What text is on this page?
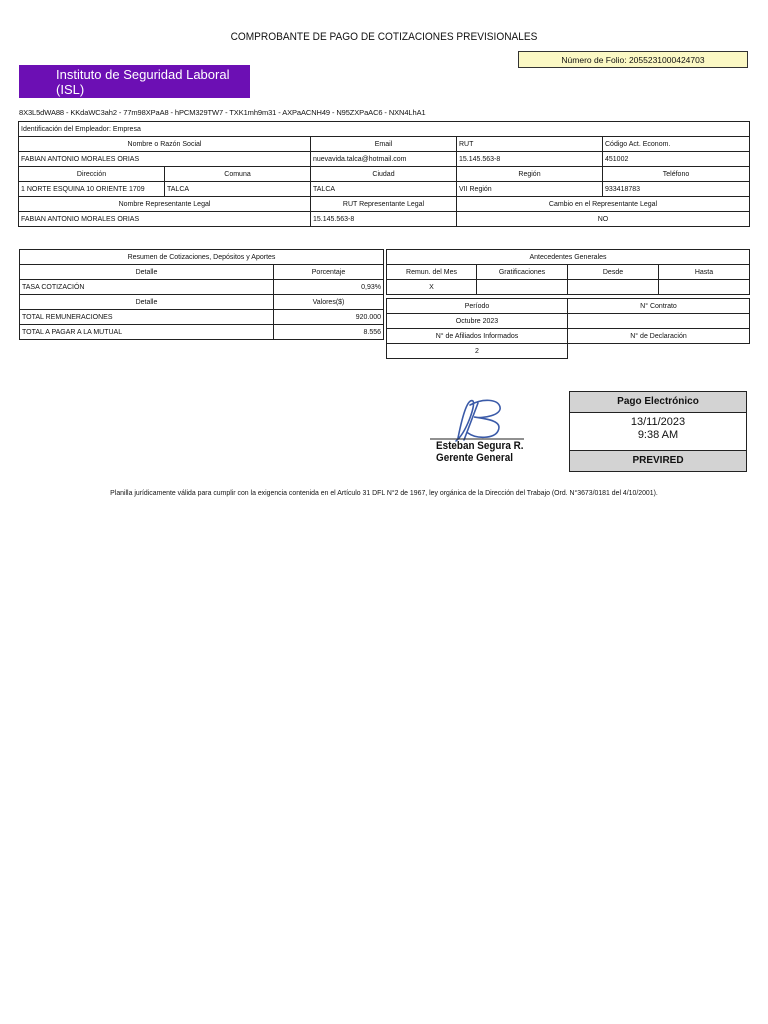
COMPROBANTE DE PAGO DE COTIZACIONES PREVISIONALES
Número de Folio: 2055231000424703
Instituto de Seguridad Laboral (ISL)
8X3L5dWA88 - KKdaWC3ah2 - 77m98XPaA8 - hPCM329TW7 - TXK1mh9m31 - AXPaACNH49 - N95ZXPaAC6 - NXN4LhA1
Identificación del Empleador: Empresa				
Nombre o Razón Social		Email	RUT	Código Act. Econom.
FABIAN ANTONIO MORALES ORIAS		nuevavida.talca@hotmail.com	15.145.563-8	451002
Dirección	Comuna	Ciudad	Región	Teléfono
1 NORTE ESQUINA 10 ORIENTE 1709	TALCA	TALCA	VII Región	933418783
Nombre Representante Legal		RUT Representante Legal	Cambio en el Representante Legal	
FABIAN ANTONIO MORALES ORIAS		15.145.563-8	NO	
Resumen de Cotizaciones, Depósitos y Aportes	
Detalle	Porcentaje
TASA COTIZACIÓN	0,93%
Detalle	Valores($)
TOTAL REMUNERACIONES	920.000
TOTAL A PAGAR A LA MUTUAL	8.556
Antecedentes Generales			
Remun. del Mes	Gratificaciones	Desde	Hasta
X			

Período		N° Contrato	
Octubre 2023			
N° de Afiliados Informados		N° de Declaración	
2			
Esteban Segura R.
Gerente General
Pago Electrónico
13/11/2023
9:38 AM
PREVIRED
Planilla jurídicamente válida para cumplir con la exigencia contenida en el Artículo 31 DFL N°2 de 1967, ley orgánica de la Dirección del Trabajo (Ord. N°3673/0181 del 4/10/2001).
